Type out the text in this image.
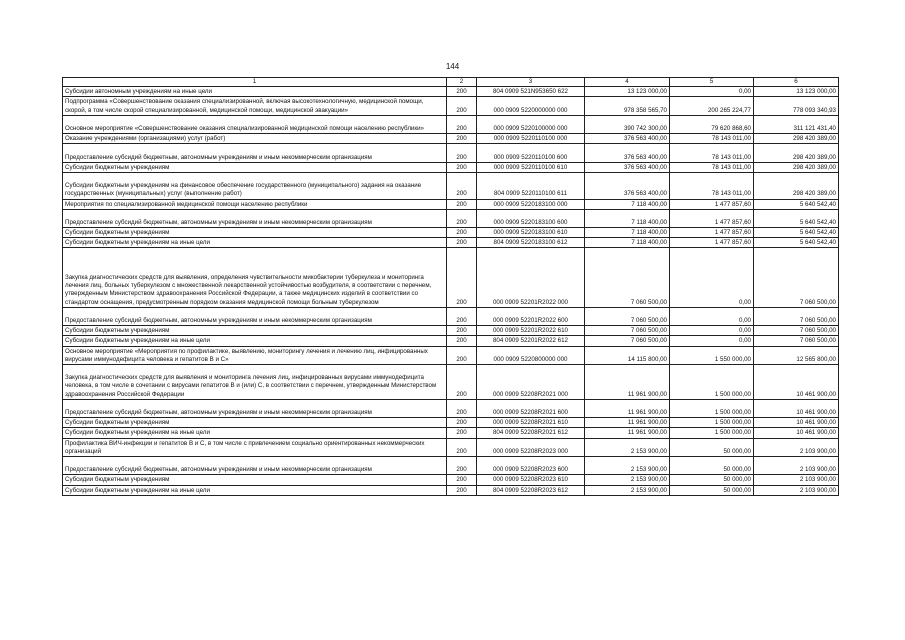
144
1	2	3	4	5	6
Субсидии автономным учреждениям на иные цели	200	804 0909 521N953650 622	13 123 000,00	0,00	13 123 000,00
Подпрограмма «Совершенствование оказания специализированной, включая высокотехнологичную, медицинской помощи, скорой, в том числе скорой специализированной, медицинской помощи, медицинской эвакуации»	200	000 0909 5220000000 000	978 358 565,70	200 265 224,77	778 093 340,93
Основное мероприятие «Совершенствование оказания специализированной медицинской помощи населению республики»	200	000 0909 5220100000 000	390 742 300,00	79 620 868,60	311 121 431,40
Оказание учреждениями (организациями) услуг (работ)	200	000 0909 5220110100 000	376 563 400,00	78 143 011,00	298 420 389,00
Предоставление субсидий бюджетным, автономным учреждениям и иным некоммерческим организациям	200	000 0909 5220110100 600	376 563 400,00	78 143 011,00	298 420 389,00
Субсидии бюджетным учреждениям	200	000 0909 5220110100 610	376 563 400,00	78 143 011,00	298 420 389,00
Субсидии бюджетным учреждениям на финансовое обеспечение государственного (муниципального) задания на оказание государственных (муниципальных) услуг (выполнение работ)	200	804 0909 5220110100 611	376 563 400,00	78 143 011,00	298 420 389,00
Мероприятия по специализированной медицинской помощи населению республики	200	000 0909 5220183100 000	7 118 400,00	1 477 857,60	5 640 542,40
Предоставление субсидий бюджетным, автономным учреждениям и иным некоммерческим организациям	200	000 0909 5220183100 600	7 118 400,00	1 477 857,60	5 640 542,40
Субсидии бюджетным учреждениям	200	000 0909 5220183100 610	7 118 400,00	1 477 857,60	5 640 542,40
Субсидии бюджетным учреждениям на иные цели	200	804 0909 5220183100 612	7 118 400,00	1 477 857,60	5 640 542,40
Закупка диагностических средств для выявления, определения чувствительности микобактерии туберкулеза и мониторинга лечения лиц, больных туберкулезом с множественной лекарственной устойчивостью возбудителя, в соответствии с перечнем, утвержденным Министерством здравоохранения Российской Федерации, а также медицинских изделий в соответствии со стандартом оснащения, предусмотренным порядком оказания медицинской помощи больным туберкулезом	200	000 0909 52201R2022 000	7 060 500,00	0,00	7 060 500,00
Предоставление субсидий бюджетным, автономным учреждениям и иным некоммерческим организациям	200	000 0909 52201R2022 600	7 060 500,00	0,00	7 060 500,00
Субсидии бюджетным учреждениям	200	000 0909 52201R2022 610	7 060 500,00	0,00	7 060 500,00
Субсидии бюджетным учреждениям на иные цели	200	804 0909 52201R2022 612	7 060 500,00	0,00	7 060 500,00
Основное мероприятие «Мероприятия по профилактике, выявлению, мониторингу лечения и лечению лиц, инфицированных вирусами иммунодефицита человека и гепатитов В и С»	200	000 0909 5220800000 000	14 115 800,00	1 550 000,00	12 565 800,00
Закупка диагностических средств для выявления и мониторинга лечения лиц, инфицированных вирусами иммунодефицита человека, в том числе в сочетании с вирусами гепатитов В и (или) С, в соответствии с перечнем, утвержденным Министерством здравоохранения Российской Федерации	200	000 0909 52208R2021 000	11 961 900,00	1 500 000,00	10 461 900,00
Предоставление субсидий бюджетным, автономным учреждениям и иным некоммерческим организациям	200	000 0909 52208R2021 600	11 961 900,00	1 500 000,00	10 461 900,00
Субсидии бюджетным учреждениям	200	000 0909 52208R2021 610	11 961 900,00	1 500 000,00	10 461 900,00
Субсидии бюджетным учреждениям на иные цели	200	804 0909 52208R2021 612	11 961 900,00	1 500 000,00	10 461 900,00
Профилактика ВИЧ-инфекции и гепатитов В и С, в том числе с привлечением социально ориентированных некоммерческих организаций	200	000 0909 52208R2023 000	2 153 900,00	50 000,00	2 103 900,00
Предоставление субсидий бюджетным, автономным учреждениям и иным некоммерческим организациям	200	000 0909 52208R2023 600	2 153 900,00	50 000,00	2 103 900,00
Субсидии бюджетным учреждениям	200	000 0909 52208R2023 610	2 153 900,00	50 000,00	2 103 900,00
Субсидии бюджетным учреждениям на иные цели	200	804 0909 52208R2023 612	2 153 900,00	50 000,00	2 103 900,00
